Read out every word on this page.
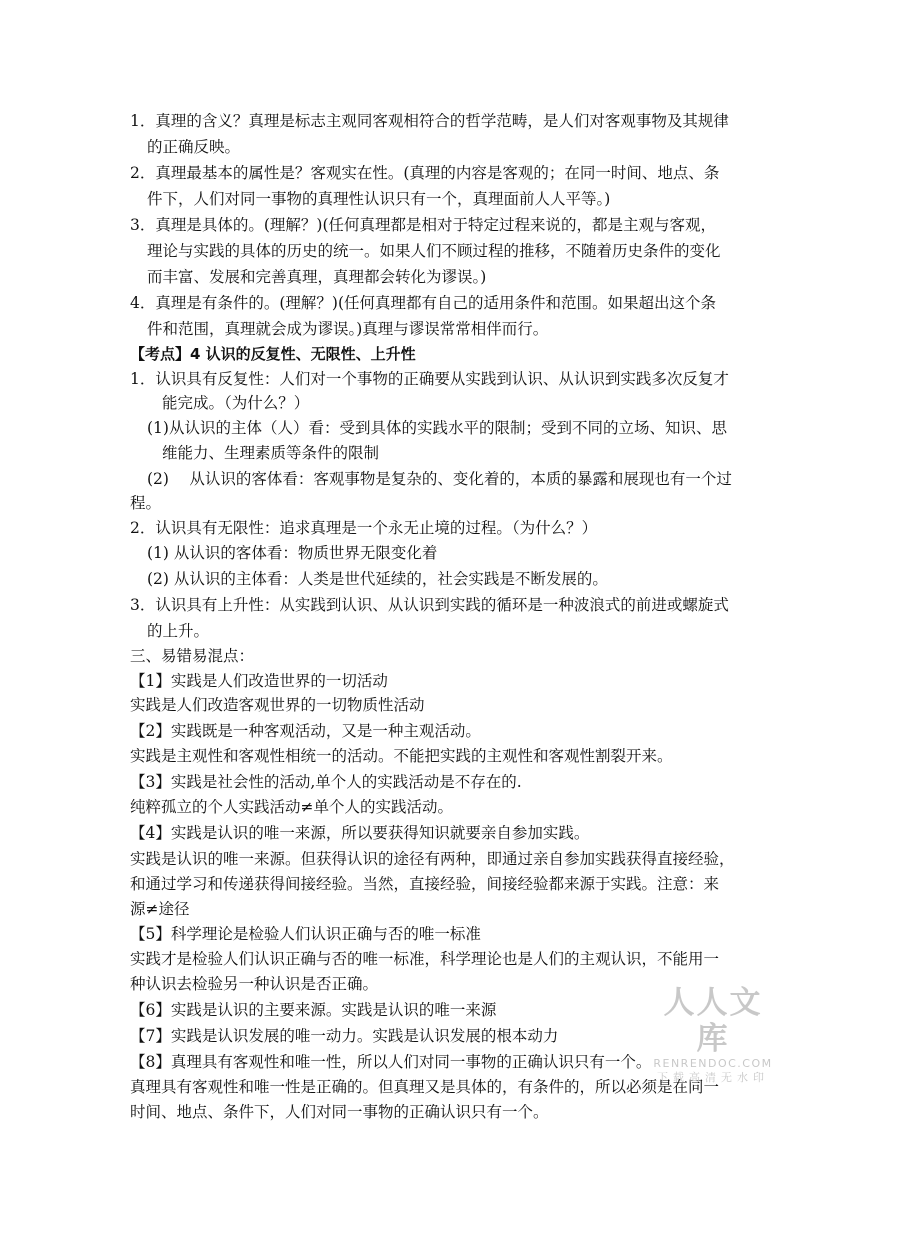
1．真理的含义？真理是标志主观同客观相符合的哲学范畴，是人们对客观事物及其规律
的正确反映。
2．真理最基本的属性是？客观实在性。(真理的内容是客观的；在同一时间、地点、条
件下，人们对同一事物的真理性认识只有一个，真理面前人人平等。)
3．真理是具体的。(理解？)(任何真理都是相对于特定过程来说的，都是主观与客观，
理论与实践的具体的历史的统一。如果人们不顾过程的推移，不随着历史条件的变化
而丰富、发展和完善真理，真理都会转化为谬误。)
4．真理是有条件的。(理解？)(任何真理都有自己的适用条件和范围。如果超出这个条
件和范围，真理就会成为谬误。)真理与谬误常常相伴而行。
【考点】4 认识的反复性、无限性、上升性
1．认识具有反复性：人们对一个事物的正确要从实践到认识、从认识到实践多次反复才
能完成。（为什么？）
(1)从认识的主体（人）看：受到具体的实践水平的限制；受到不同的立场、知识、思
维能力、生理素质等条件的限制
(2)　 从认识的客体看：客观事物是复杂的、变化着的，本质的暴露和展现也有一个过
程。
2．认识具有无限性：追求真理是一个永无止境的过程。（为什么？）
(1) 从认识的客体看：物质世界无限变化着
(2) 从认识的主体看：人类是世代延续的，社会实践是不断发展的。
3．认识具有上升性：从实践到认识、从认识到实践的循环是一种波浪式的前进或螺旋式
的上升。
三、易错易混点：
【1】实践是人们改造世界的一切活动
实践是人们改造客观世界的一切物质性活动
【2】实践既是一种客观活动，又是一种主观活动。
实践是主观性和客观性相统一的活动。不能把实践的主观性和客观性割裂开来。
【3】实践是社会性的活动,单个人的实践活动是不存在的.
纯粹孤立的个人实践活动≠单个人的实践活动。
【4】实践是认识的唯一来源，所以要获得知识就要亲自参加实践。
实践是认识的唯一来源。但获得认识的途径有两种，即通过亲自参加实践获得直接经验，
和通过学习和传递获得间接经验。当然，直接经验，间接经验都来源于实践。注意：来
源≠途径
【5】科学理论是检验人们认识正确与否的唯一标准
实践才是检验人们认识正确与否的唯一标准，科学理论也是人们的主观认识，不能用一
种认识去检验另一种认识是否正确。
【6】实践是认识的主要来源。实践是认识的唯一来源
【7】实践是认识发展的唯一动力。实践是认识发展的根本动力
【8】真理具有客观性和唯一性，所以人们对同一事物的正确认识只有一个。
真理具有客观性和唯一性是正确的。但真理又是具体的，有条件的，所以必须是在同一
时间、地点、条件下，人们对同一事物的正确认识只有一个。
人人文库
RENRENDOC.COM
下载高清无水印
